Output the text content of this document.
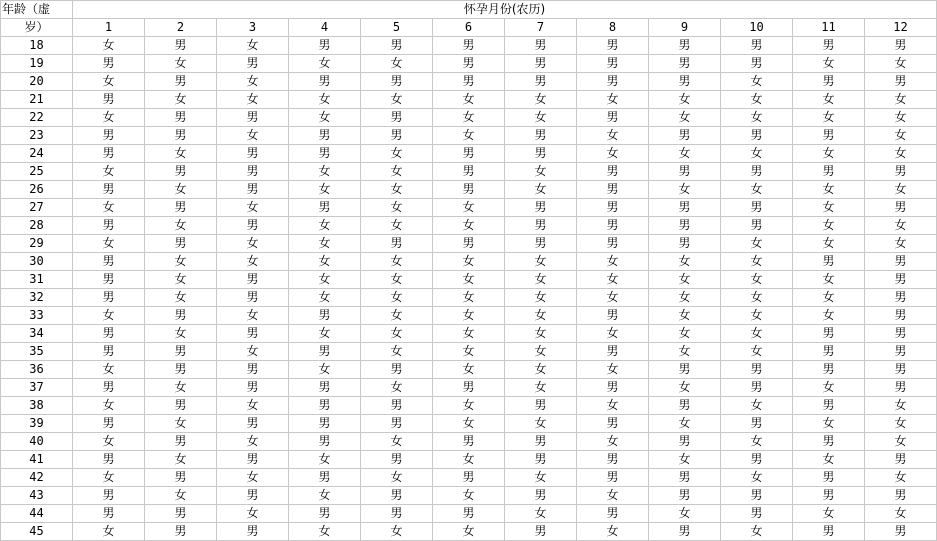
年龄（虚	怀孕月份(农历)											
岁）	1	2	3	4	5	6	7	8	9	10	11	12
18	女	男	女	男	男	男	男	男	男	男	男	男
19	男	女	男	女	女	男	男	男	男	男	女	女
20	女	男	女	男	男	男	男	男	男	女	男	男
21	男	女	女	女	女	女	女	女	女	女	女	女
22	女	男	男	女	男	女	女	男	女	女	女	女
23	男	男	女	男	男	女	男	女	男	男	男	女
24	男	女	男	男	女	男	男	女	女	女	女	女
25	女	男	男	女	女	男	女	男	男	男	男	男
26	男	女	男	女	女	男	女	男	女	女	女	女
27	女	男	女	男	女	女	男	男	男	男	女	男
28	男	女	男	女	女	女	男	男	男	男	女	女
29	女	男	女	女	男	男	男	男	男	女	女	女
30	男	女	女	女	女	女	女	女	女	女	男	男
31	男	女	男	女	女	女	女	女	女	女	女	男
32	男	女	男	女	女	女	女	女	女	女	女	男
33	女	男	女	男	女	女	女	男	女	女	女	男
34	男	女	男	女	女	女	女	女	女	女	男	男
35	男	男	女	男	女	女	女	男	女	女	男	男
36	女	男	男	女	男	女	女	女	男	男	男	男
37	男	女	男	男	女	男	女	男	女	男	女	男
38	女	男	女	男	男	女	男	女	男	女	男	女
39	男	女	男	男	男	女	女	男	女	男	女	女
40	女	男	女	男	女	男	男	女	男	女	男	女
41	男	女	男	女	男	女	男	男	女	男	女	男
42	女	男	女	男	女	男	女	男	男	女	男	女
43	男	女	男	女	男	女	男	女	男	男	男	男
44	男	男	女	男	男	男	女	男	女	男	女	女
45	女	男	男	女	女	女	男	女	男	女	男	男
